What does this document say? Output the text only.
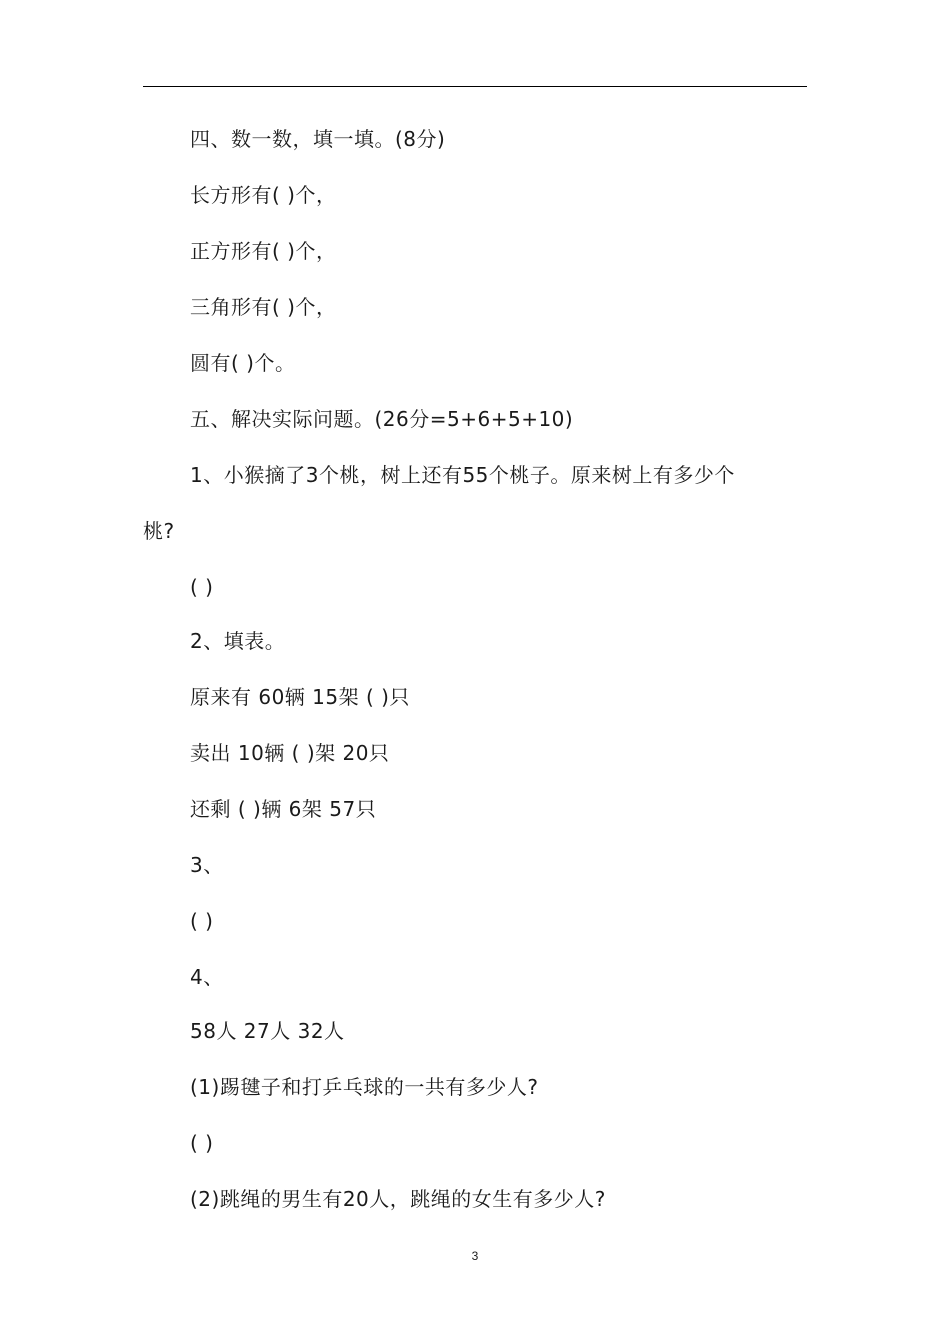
四、数一数，填一填。(8分)
长方形有( )个，
正方形有( )个，
三角形有( )个，
圆有( )个。
五、解决实际问题。(26分=5+6+5+10)
1、小猴摘了3个桃，树上还有55个桃子。原来树上有多少个
桃?
( )
2、填表。
原来有 60辆 15架 ( )只
卖出 10辆 ( )架 20只
还剩 ( )辆 6架 57只
3、
( )
4、
58人 27人 32人
(1)踢毽子和打乒乓球的一共有多少人?
( )
(2)跳绳的男生有20人，跳绳的女生有多少人?
3
